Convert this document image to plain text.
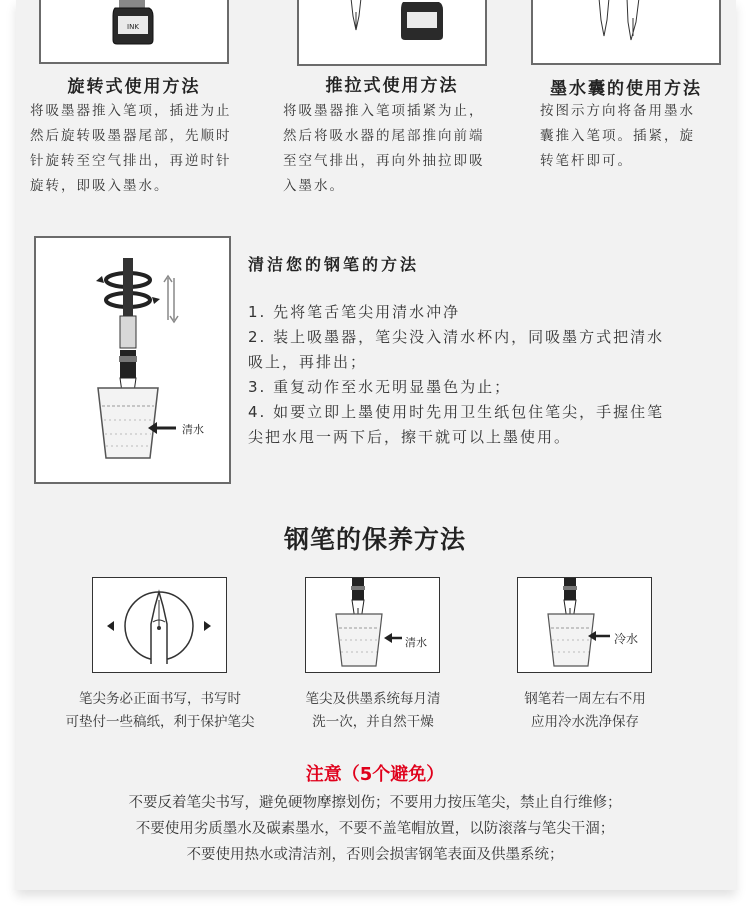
INK
旋转式使用方法	推拉式使用方法	墨水囊的使用方法
将吸墨器推入笔项，插进为止
然后旋转吸墨器尾部，先顺时
针旋转至空气排出，再逆时针
旋转，即吸入墨水。
将吸墨器推入笔项插紧为止，
然后将吸水器的尾部推向前端
至空气排出，再向外抽拉即吸
入墨水。
按图示方向将备用墨水
囊推入笔项。插紧，旋
转笔杆即可。
清水
清洁您的钢笔的方法
1. 先将笔舌笔尖用清水冲净
2. 装上吸墨器，笔尖没入清水杯内，同吸墨方式把清水
吸上，再排出；
3. 重复动作至水无明显墨色为止；
4. 如要立即上墨使用时先用卫生纸包住笔尖，手握住笔
尖把水甩一两下后，擦干就可以上墨使用。
钢笔的保养方法
清水	冷水
笔尖务必正面书写，书写时
可垫付一些稿纸，利于保护笔尖
笔尖及供墨系统每月清
洗一次，并自然干燥
钢笔若一周左右不用
应用冷水洗净保存
注意（5个避免）
不要反着笔尖书写，避免硬物摩擦划伤；不要用力按压笔尖，禁止自行维修；
不要使用劣质墨水及碳素墨水，不要不盖笔帽放置，以防滚落与笔尖干涸；
不要使用热水或清洁剂，否则会损害钢笔表面及供墨系统；
